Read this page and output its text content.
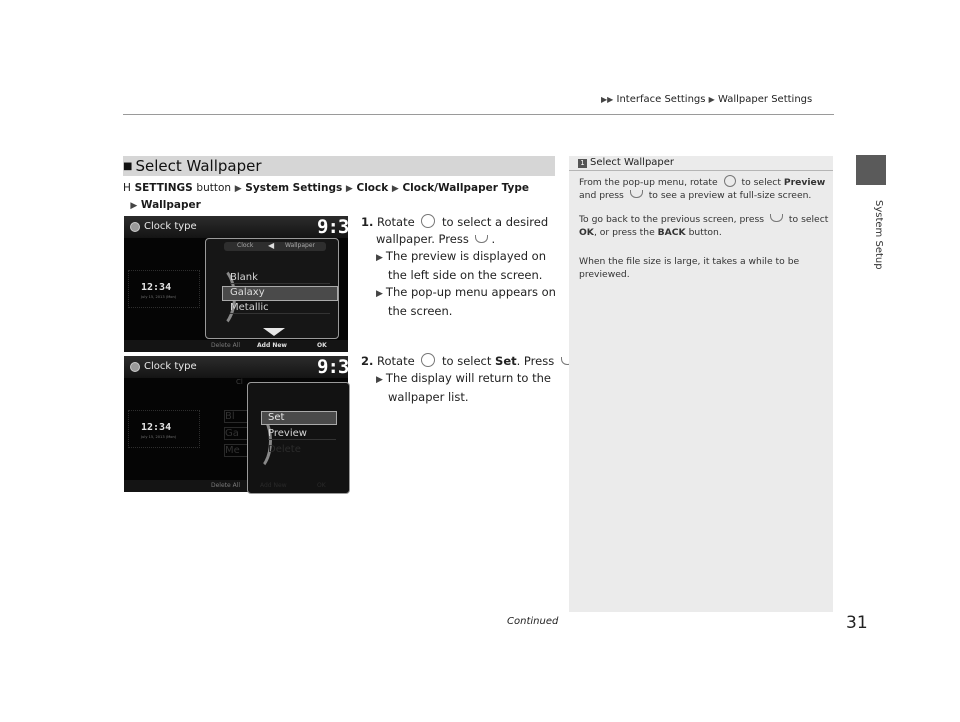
▶▶ Interface Settings ▶ Wallpaper Settings
System Setup
■ Select Wallpaper
H SETTINGS button ▶ System Settings ▶ Clock ▶ Clock/Wallpaper Type
▶ Wallpaper
Clock type	9:30
12:34
July 15, 2013 (Mon)
Clock ◀ Wallpaper
Blank
Galaxy
Metallic
Delete All	Add New	OK
Clock type	9:30
12:34
July 15, 2013 (Mon)
Cl
Bl
Ga
Me
Set
Preview
Delete
Delete All	Add New	OK
1. Rotate to select a desired
wallpaper. Press .
▶ The preview is displayed on the left side on the screen.
▶ The pop-up menu appears on the screen.
2. Rotate to select Set. Press
▶ The display will return to the wallpaper list.
1 Select Wallpaper
From the pop-up menu, rotate	to select Preview
and press	to see a preview at full-size screen.
To go back to the previous screen, press	to select
OK, or press the BACK button.
When the file size is large, it takes a while to be previewed.
Continued	31
